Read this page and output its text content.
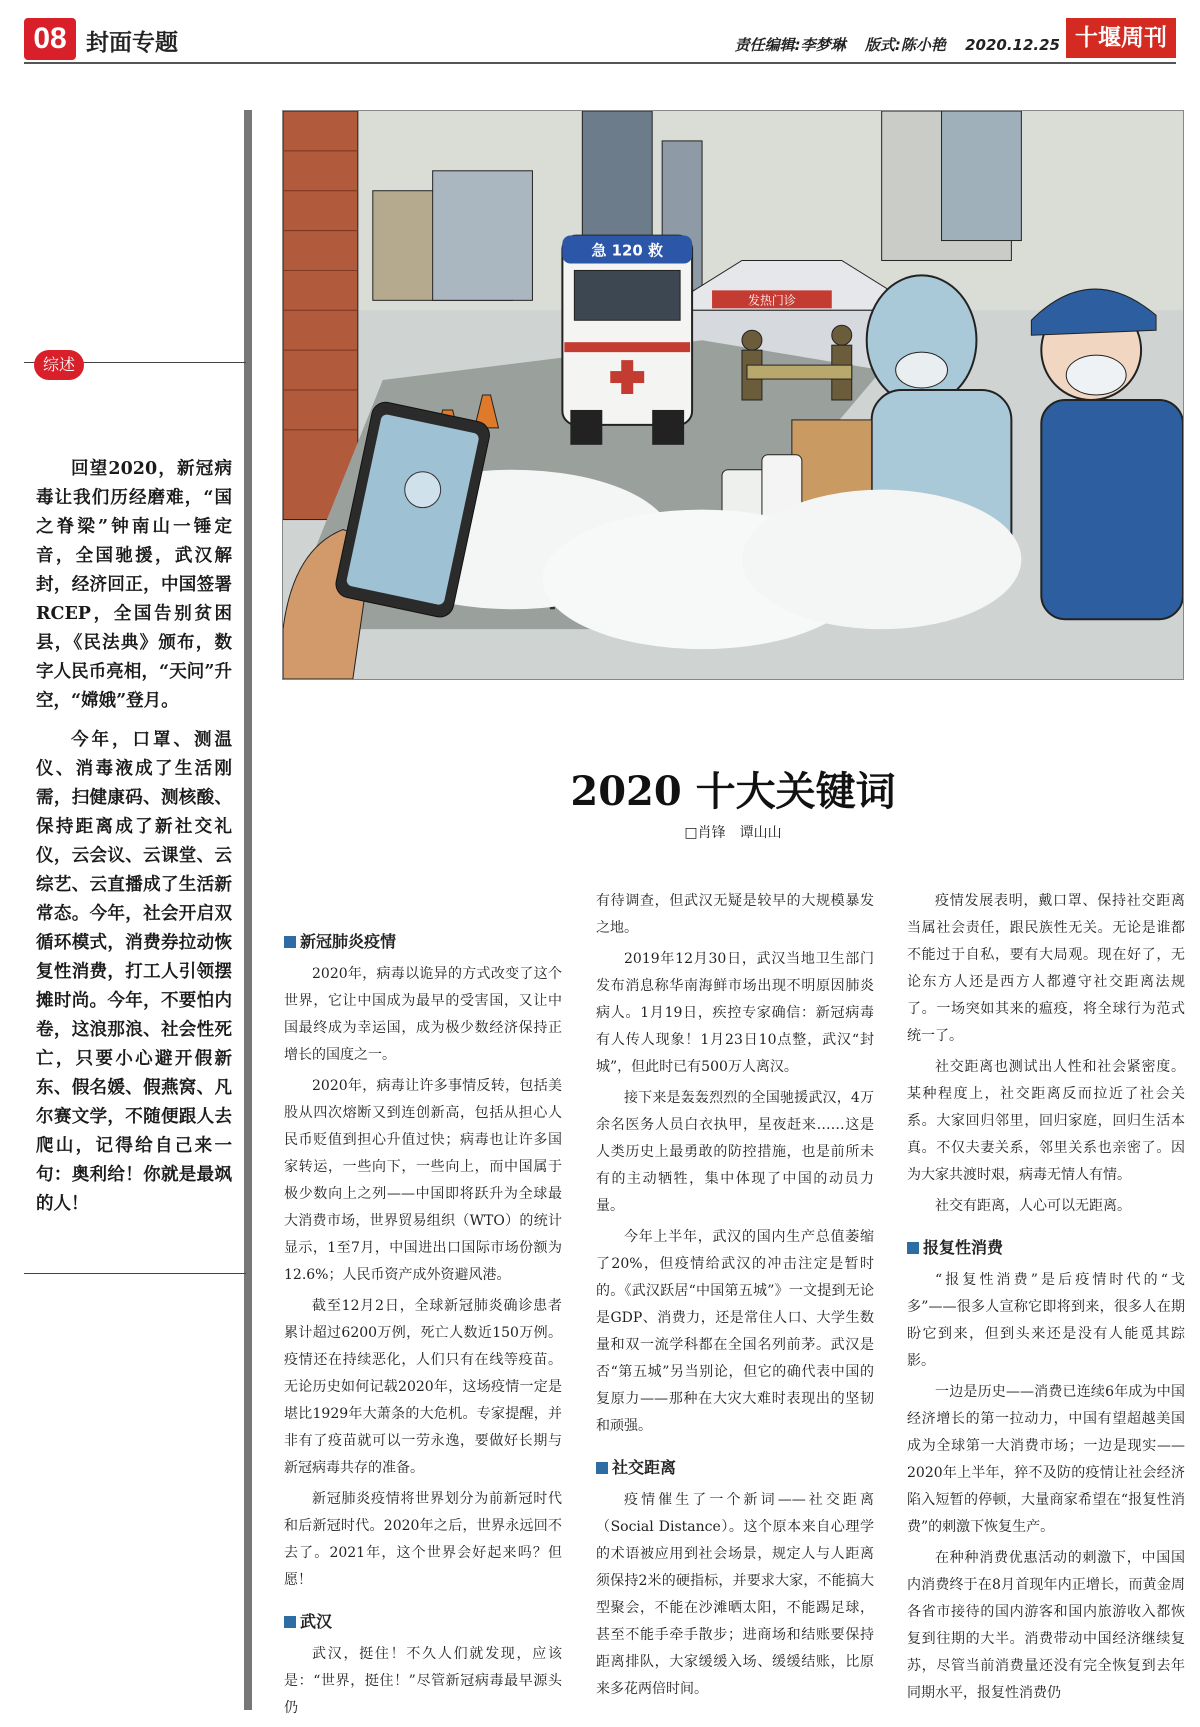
08 封面专题	责任编辑:李梦琳 版式:陈小艳 2020.12.25 十堰周刊
综述

回望2020，新冠病毒让我们历经磨难，“国之脊梁”钟南山一锤定音，全国驰援，武汉解封，经济回正，中国签署RCEP，全国告别贫困县，《民法典》颁布，数字人民币亮相，“天问”升空，“嫦娥”登月。

今年，口罩、测温仪、消毒液成了生活刚需，扫健康码、测核酸、保持距离成了新社交礼仪，云会议、云课堂、云综艺、云直播成了生活新常态。今年，社会开启双循环模式，消费券拉动恢复性消费，打工人引领摆摊时尚。今年，不要怕内卷，这浪那浪、社会性死亡，只要小心避开假新东、假名媛、假燕窝、凡尔赛文学，不随便跟人去爬山，记得给自己来一句：奥利给！你就是最飒的人！

发热门诊
急 120 救
2020 十大关键词
□肖锋　谭山山
新冠肺炎疫情

2020年，病毒以诡异的方式改变了这个世界，它让中国成为最早的受害国，又让中国最终成为幸运国，成为极少数经济保持正增长的国度之一。

2020年，病毒让许多事情反转，包括美股从四次熔断又到连创新高，包括从担心人民币贬值到担心升值过快；病毒也让许多国家转运，一些向下，一些向上，而中国属于极少数向上之列——中国即将跃升为全球最大消费市场，世界贸易组织（WTO）的统计显示，1至7月，中国进出口国际市场份额为12.6%；人民币资产成外资避风港。

截至12月2日，全球新冠肺炎确诊患者累计超过6200万例，死亡人数近150万例。疫情还在持续恶化，人们只有在线等疫苗。无论历史如何记载2020年，这场疫情一定是堪比1929年大萧条的大危机。专家提醒，并非有了疫苗就可以一劳永逸，要做好长期与新冠病毒共存的准备。

新冠肺炎疫情将世界划分为前新冠时代和后新冠时代。2020年之后，世界永远回不去了。2021年，这个世界会好起来吗？但愿！

武汉

武汉，挺住！不久人们就发现，应该是：“世界，挺住！”尽管新冠病毒最早源头仍

有待调查，但武汉无疑是较早的大规模暴发之地。

2019年12月30日，武汉当地卫生部门发布消息称华南海鲜市场出现不明原因肺炎病人。1月19日，疾控专家确信：新冠病毒有人传人现象！1月23日10点整，武汉“封城”，但此时已有500万人离汉。

接下来是轰轰烈烈的全国驰援武汉，4万余名医务人员白衣执甲，星夜赶来……这是人类历史上最勇敢的防控措施，也是前所未有的主动牺牲，集中体现了中国的动员力量。

今年上半年，武汉的国内生产总值萎缩了20%，但疫情给武汉的冲击注定是暂时的。《武汉跃居“中国第五城”》一文提到无论是GDP、消费力，还是常住人口、大学生数量和双一流学科都在全国名列前茅。武汉是否“第五城”另当别论，但它的确代表中国的复原力——那种在大灾大难时表现出的坚韧和顽强。

社交距离

疫情催生了一个新词——社交距离（Social Distance）。这个原本来自心理学的术语被应用到社会场景，规定人与人距离须保持2米的硬指标，并要求大家，不能搞大型聚会，不能在沙滩晒太阳，不能踢足球，甚至不能手牵手散步；进商场和结账要保持距离排队，大家缓缓入场、缓缓结账，比原来多花两倍时间。

疫情发展表明，戴口罩、保持社交距离当属社会责任，跟民族性无关。无论是谁都不能过于自私，要有大局观。现在好了，无论东方人还是西方人都遵守社交距离法规了。一场突如其来的瘟疫，将全球行为范式统一了。

社交距离也测试出人性和社会紧密度。某种程度上，社交距离反而拉近了社会关系。大家回归邻里，回归家庭，回归生活本真。不仅夫妻关系，邻里关系也亲密了。因为大家共渡时艰，病毒无情人有情。

社交有距离，人心可以无距离。

报复性消费

“报复性消费”是后疫情时代的“戈多”——很多人宣称它即将到来，很多人在期盼它到来，但到头来还是没有人能觅其踪影。

一边是历史——消费已连续6年成为中国经济增长的第一拉动力，中国有望超越美国成为全球第一大消费市场；一边是现实——2020年上半年，猝不及防的疫情让社会经济陷入短暂的停顿，大量商家希望在“报复性消费”的刺激下恢复生产。

在种种消费优惠活动的刺激下，中国国内消费终于在8月首现年内正增长，而黄金周各省市接待的国内游客和国内旅游收入都恢复到往期的大半。消费带动中国经济继续复苏，尽管当前消费量还没有完全恢复到去年同期水平，报复性消费仍
